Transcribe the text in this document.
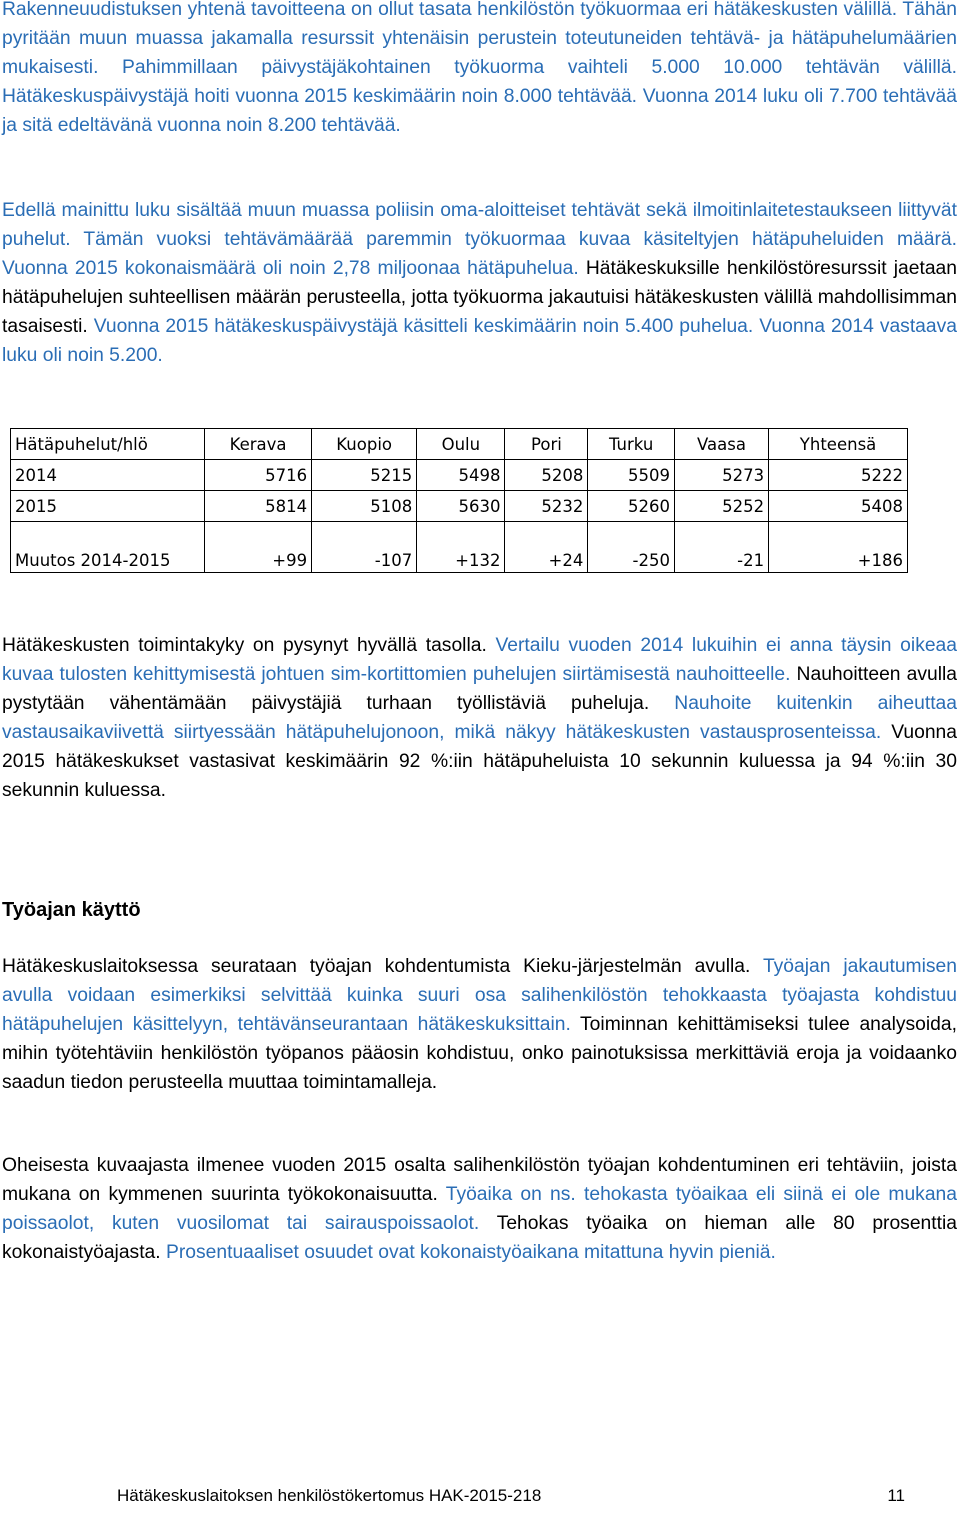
Rakenneuudistuksen yhtenä tavoitteena on ollut tasata henkilöstön työkuormaa eri hätäkeskusten välillä. Tähän pyritään muun muassa jakamalla resurssit yhtenäisin perustein toteutuneiden tehtävä- ja hätäpuhelumäärien mukaisesti. Pahimmillaan päivystäjäkohtainen työkuorma vaihteli 5.000 10.000 tehtävän välillä. Hätäkeskuspäivystäjä hoiti vuonna 2015 keskimäärin noin 8.000 tehtävää. Vuonna 2014 luku oli 7.700 tehtävää ja sitä edeltävänä vuonna noin 8.200 tehtävää.

Edellä mainittu luku sisältää muun muassa poliisin oma-aloitteiset tehtävät sekä ilmoitinlaitetestaukseen liittyvät puhelut. Tämän vuoksi tehtävämäärää paremmin työkuormaa kuvaa käsiteltyjen hätäpuheluiden määrä. Vuonna 2015 kokonaismäärä oli noin 2,78 miljoonaa hätäpuhelua. Hätäkeskuksille henkilöstöresurssit jaetaan hätäpuhelujen suhteellisen määrän perusteella, jotta työkuorma jakautuisi hätäkeskusten välillä mahdollisimman tasaisesti. Vuonna 2015 hätäkeskuspäivystäjä käsitteli keskimäärin noin 5.400 puhelua. Vuonna 2014 vastaava luku oli noin 5.200.

Hätäpuhelut/hlö	Kerava	Kuopio	Oulu	Pori	Turku	Vaasa	Yhteensä
2014	5716	5215	5498	5208	5509	5273	5222
2015	5814	5108	5630	5232	5260	5252	5408
Muutos 2014-2015	+99	-107	+132	+24	-250	-21	+186

Hätäkeskusten toimintakyky on pysynyt hyvällä tasolla. Vertailu vuoden 2014 lukuihin ei anna täysin oikeaa kuvaa tulosten kehittymisestä johtuen sim-kortittomien puhelujen siirtämisestä nauhoitteelle. Nauhoitteen avulla pystytään vähentämään päivystäjiä turhaan työllistäviä puheluja. Nauhoite kuitenkin aiheuttaa vastausaikaviivettä siirtyessään hätäpuhelujonoon, mikä näkyy hätäkeskusten vastausprosenteissa. Vuonna 2015 hätäkeskukset vastasivat keskimäärin 92 %:iin hätäpuheluista 10 sekunnin kuluessa ja 94 %:iin 30 sekunnin kuluessa.

Työajan käyttö

Hätäkeskuslaitoksessa seurataan työajan kohdentumista Kieku-järjestelmän avulla. Työajan jakautumisen avulla voidaan esimerkiksi selvittää kuinka suuri osa salihenkilöstön tehokkaasta työajasta kohdistuu hätäpuhelujen käsittelyyn, tehtävänseurantaan hätäkeskuksittain. Toiminnan kehittämiseksi tulee analysoida, mihin työtehtäviin henkilöstön työpanos pääosin kohdistuu, onko painotuksissa merkittäviä eroja ja voidaanko saadun tiedon perusteella muuttaa toimintamalleja.

Oheisesta kuvaajasta ilmenee vuoden 2015 osalta salihenkilöstön työajan kohdentuminen eri tehtäviin, joista mukana on kymmenen suurinta työkokonaisuutta. Työaika on ns. tehokasta työaikaa eli siinä ei ole mukana poissaolot, kuten vuosilomat tai sairauspoissaolot. Tehokas työaika on hieman alle 80 prosenttia kokonaistyöajasta. Prosentuaaliset osuudet ovat kokonaistyöaikana mitattuna hyvin pieniä.

Hätäkeskuslaitoksen henkilöstökertomus HAK-2015-218	11
